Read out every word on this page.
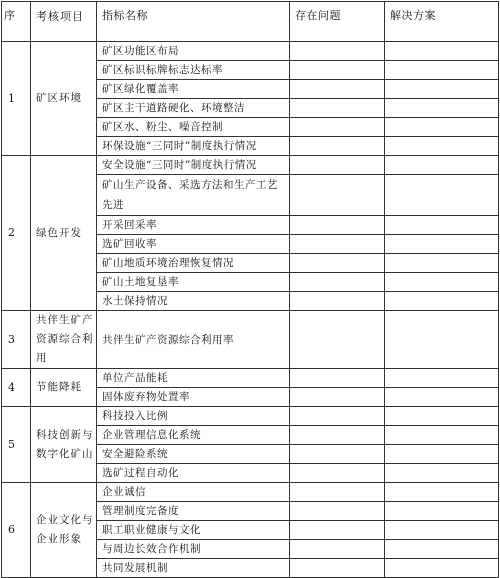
序	考核项目	指标名称	存在问题	解决方案
1	矿区环境	矿区功能区布局		
		矿区标识标牌标志达标率		
		矿区绿化覆盖率		
		矿区主干道路硬化、环境整洁		
		矿区水、粉尘、噪音控制		
		环保设施“三同时”制度执行情况		
2	绿色开发	安全设施“三同时”制度执行情况		
		矿山生产设备、采选方法和生产工艺先进		
		开采回采率		
		选矿回收率		
		矿山地质环境治理恢复情况		
		矿山土地复垦率		
		水土保持情况		
3	共伴生矿产资源综合利用	共伴生矿产资源综合利用率		
4	节能降耗	单位产品能耗		
		固体废弃物处置率		
5	科技创新与数字化矿山	科技投入比例		
		企业管理信息化系统		
		安全避险系统		
		选矿过程自动化		
6	企业文化与企业形象	企业诚信		
		管理制度完备度		
		职工职业健康与文化		
		与周边长效合作机制		
		共同发展机制		
